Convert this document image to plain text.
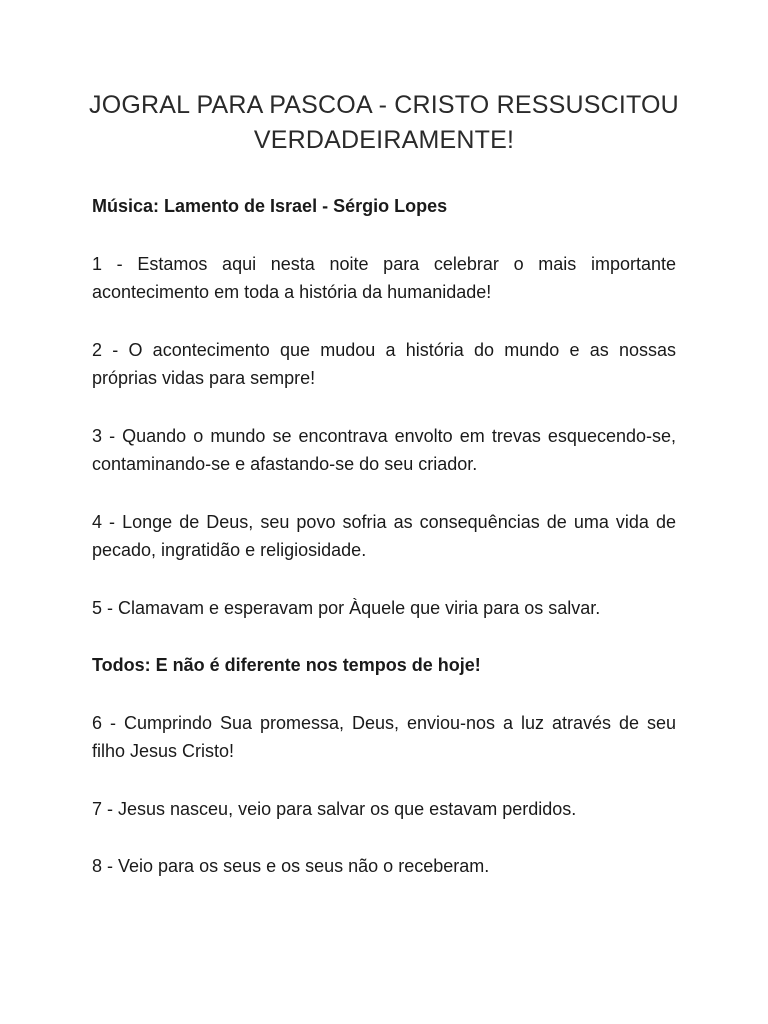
JOGRAL PARA PASCOA - CRISTO RESSUSCITOU VERDADEIRAMENTE!

Música: Lamento de Israel - Sérgio Lopes

1 - Estamos aqui nesta noite para celebrar o mais importante acontecimento em toda a história da humanidade!

2 - O acontecimento que mudou a história do mundo e as nossas próprias vidas para sempre!

3 - Quando o mundo se encontrava envolto em trevas esquecendo-se, contaminando-se e afastando-se do seu criador.

4 - Longe de Deus, seu povo sofria as consequências de uma vida de pecado, ingratidão e religiosidade.

5 - Clamavam e esperavam por Àquele que viria para os salvar.

Todos: E não é diferente nos tempos de hoje!

6 - Cumprindo Sua promessa, Deus, enviou-nos a luz através de seu filho Jesus Cristo!

7 - Jesus nasceu, veio para salvar os que estavam perdidos.

8 - Veio para os seus e os seus não o receberam.
